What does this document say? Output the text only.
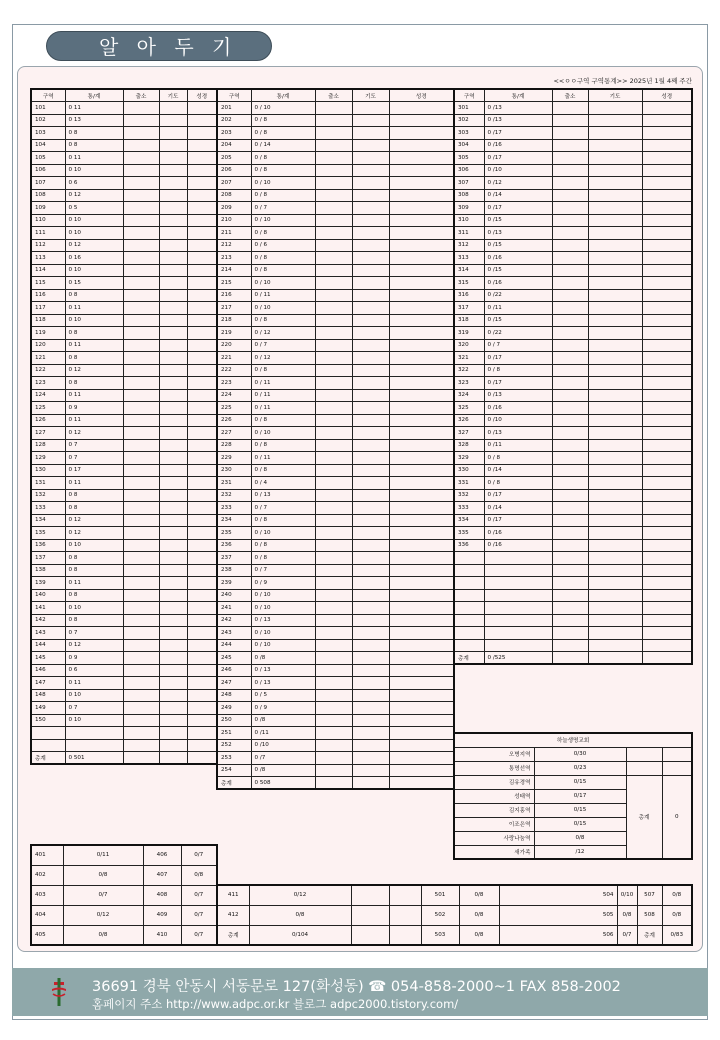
알 아 두 기
<<ㅇㅇ구역 구역통계>> 2025년 1월 4째 주간
구역	통/계	출소	기도	성경
101	0 11			
102	0 13			
103	0 8			
104	0 8			
105	0 11			
106	0 10			
107	0 6			
108	0 12			
109	0 5			
110	0 10			
111	0 10			
112	0 12			
113	0 16			
114	0 10			
115	0 15			
116	0 8			
117	0 11			
118	0 10			
119	0 8			
120	0 11			
121	0 8			
122	0 12			
123	0 8			
124	0 11			
125	0 9			
126	0 11			
127	0 12			
128	0 7			
129	0 7			
130	0 17			
131	0 11			
132	0 8			
133	0 8			
134	0 12			
135	0 12			
136	0 10			
137	0 8			
138	0 8			
139	0 11			
140	0 8			
141	0 10			
142	0 8			
143	0 7			
144	0 12			
145	0 9			
146	0 6			
147	0 11			
148	0 10			
149	0 7			
150	0 10			

총계	0 501			
구역	통/계	출소	기도	성경
201	0 / 10			
202	0 / 8			
203	0 / 8			
204	0 / 14			
205	0 / 8			
206	0 / 8			
207	0 / 10			
208	0 / 8			
209	0 / 7			
210	0 / 10			
211	0 / 8			
212	0 / 6			
213	0 / 8			
214	0 / 8			
215	0 / 10			
216	0 / 11			
217	0 / 10			
218	0 / 8			
219	0 / 12			
220	0 / 7			
221	0 / 12			
222	0 / 8			
223	0 / 11			
224	0 / 11			
225	0 / 11			
226	0 / 8			
227	0 / 10			
228	0 / 8			
229	0 / 11			
230	0 / 8			
231	0 / 4			
232	0 / 13			
233	0 / 7			
234	0 / 8			
235	0 / 10			
236	0 / 8			
237	0 / 8			
238	0 / 7			
239	0 / 9			
240	0 / 10			
241	0 / 10			
242	0 / 13			
243	0 / 10			
244	0 / 10			
245	0 /8			
246	0 / 13			
247	0 / 13			
248	0 / 5			
249	0 / 9			
250	0 /8			
251	0 /11			
252	0 /10			
253	0 /7			
254	0 /8			
총계	0 508			
구역	통/계	출소	기도	성경
301	0 /13			
302	0 /13			
303	0 /17			
304	0 /16			
305	0 /17			
306	0 /10			
307	0 /12			
308	0 /14			
309	0 /17			
310	0 /15			
311	0 /13			
312	0 /15			
313	0 /16			
314	0 /15			
315	0 /16			
316	0 /22			
317	0 /11			
318	0 /15			
319	0 /22			
320	0 / 7			
321	0 /17			
322	0 / 8			
323	0 /17			
324	0 /13			
325	0 /16			
326	0 /10			
327	0 /13			
328	0 /11			
329	0 / 8			
330	0 /14			
331	0 / 8			
332	0 /17			
333	0 /14			
334	0 /17			
335	0 /16			
336	0 /16			

총계	0 /525			
하늘생명교회			
오병지역	0/30		
통명선역	0/23		
김유경역	0/15	총계	0
성태역	0/17		
김지홍역	0/15		
이조은역	0/15		
사랑나눔역	0/8		
새가족	/12		
401	0/11	406	0/7
402	0/8	407	0/8
403	0/7	408	0/7
404	0/12	409	0/7
405	0/8	410	0/7
411	0/12			501	0/8	504	0/10	507	0/8
412	0/8			502	0/8	505	0/8	508	0/8
총계	0/104			503	0/8	506	0/7	총계	0/83
36691 경북 안동시 서동문로 127(화성동) ☎ 054-858-2000~1 FAX 858-2002
홈페이지 주소 http://www.adpc.or.kr 블로그 adpc2000.tistory.com/
